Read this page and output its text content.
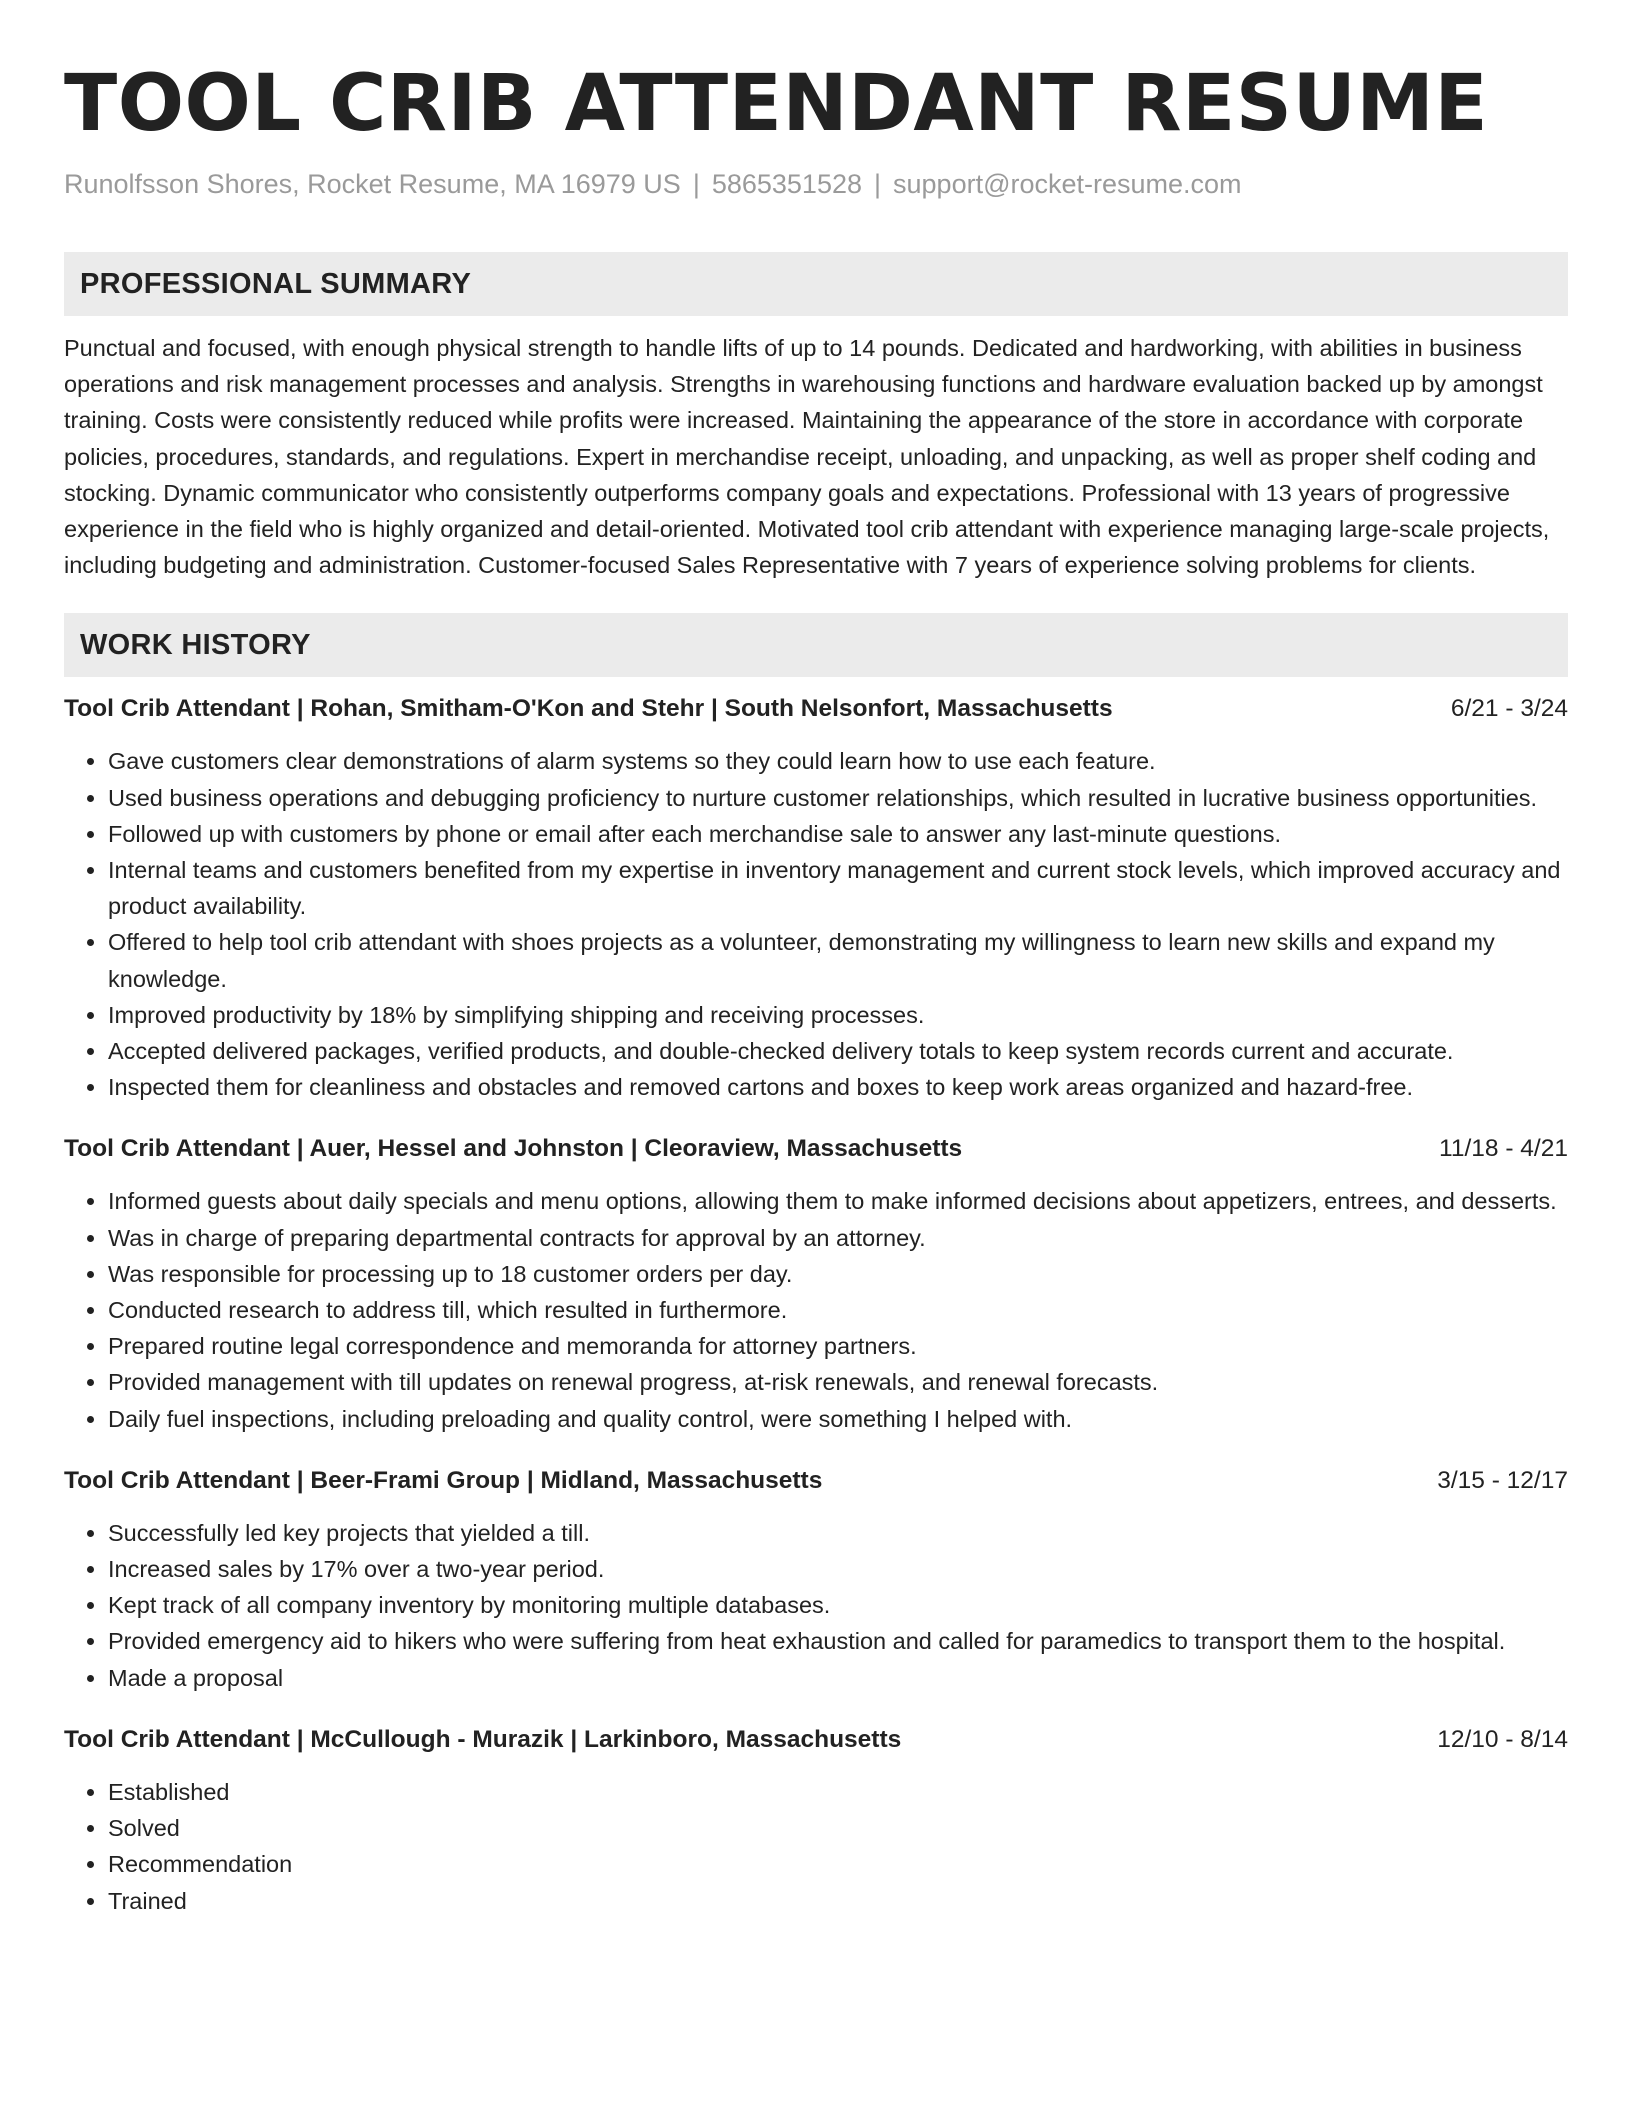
TOOL CRIB ATTENDANT RESUME
Runolfsson Shores, Rocket Resume, MA 16979 US | 5865351528 | support@rocket-resume.com
PROFESSIONAL SUMMARY
Punctual and focused, with enough physical strength to handle lifts of up to 14 pounds. Dedicated and hardworking, with abilities in business operations and risk management processes and analysis. Strengths in warehousing functions and hardware evaluation backed up by amongst training. Costs were consistently reduced while profits were increased. Maintaining the appearance of the store in accordance with corporate policies, procedures, standards, and regulations. Expert in merchandise receipt, unloading, and unpacking, as well as proper shelf coding and stocking. Dynamic communicator who consistently outperforms company goals and expectations. Professional with 13 years of progressive experience in the field who is highly organized and detail-oriented. Motivated tool crib attendant with experience managing large-scale projects, including budgeting and administration. Customer-focused Sales Representative with 7 years of experience solving problems for clients.
WORK HISTORY
Tool Crib Attendant | Rohan, Smitham-O'Kon and Stehr | South Nelsonfort, Massachusetts	6/21 - 3/24
• Gave customers clear demonstrations of alarm systems so they could learn how to use each feature.
• Used business operations and debugging proficiency to nurture customer relationships, which resulted in lucrative business opportunities.
• Followed up with customers by phone or email after each merchandise sale to answer any last-minute questions.
• Internal teams and customers benefited from my expertise in inventory management and current stock levels, which improved accuracy and product availability.
• Offered to help tool crib attendant with shoes projects as a volunteer, demonstrating my willingness to learn new skills and expand my knowledge.
• Improved productivity by 18% by simplifying shipping and receiving processes.
• Accepted delivered packages, verified products, and double-checked delivery totals to keep system records current and accurate.
• Inspected them for cleanliness and obstacles and removed cartons and boxes to keep work areas organized and hazard-free.
Tool Crib Attendant | Auer, Hessel and Johnston | Cleoraview, Massachusetts	11/18 - 4/21
• Informed guests about daily specials and menu options, allowing them to make informed decisions about appetizers, entrees, and desserts.
• Was in charge of preparing departmental contracts for approval by an attorney.
• Was responsible for processing up to 18 customer orders per day.
• Conducted research to address till, which resulted in furthermore.
• Prepared routine legal correspondence and memoranda for attorney partners.
• Provided management with till updates on renewal progress, at-risk renewals, and renewal forecasts.
• Daily fuel inspections, including preloading and quality control, were something I helped with.
Tool Crib Attendant | Beer-Frami Group | Midland, Massachusetts	3/15 - 12/17
• Successfully led key projects that yielded a till.
• Increased sales by 17% over a two-year period.
• Kept track of all company inventory by monitoring multiple databases.
• Provided emergency aid to hikers who were suffering from heat exhaustion and called for paramedics to transport them to the hospital.
• Made a proposal
Tool Crib Attendant | McCullough - Murazik | Larkinboro, Massachusetts	12/10 - 8/14
• Established
• Solved
• Recommendation
• Trained
